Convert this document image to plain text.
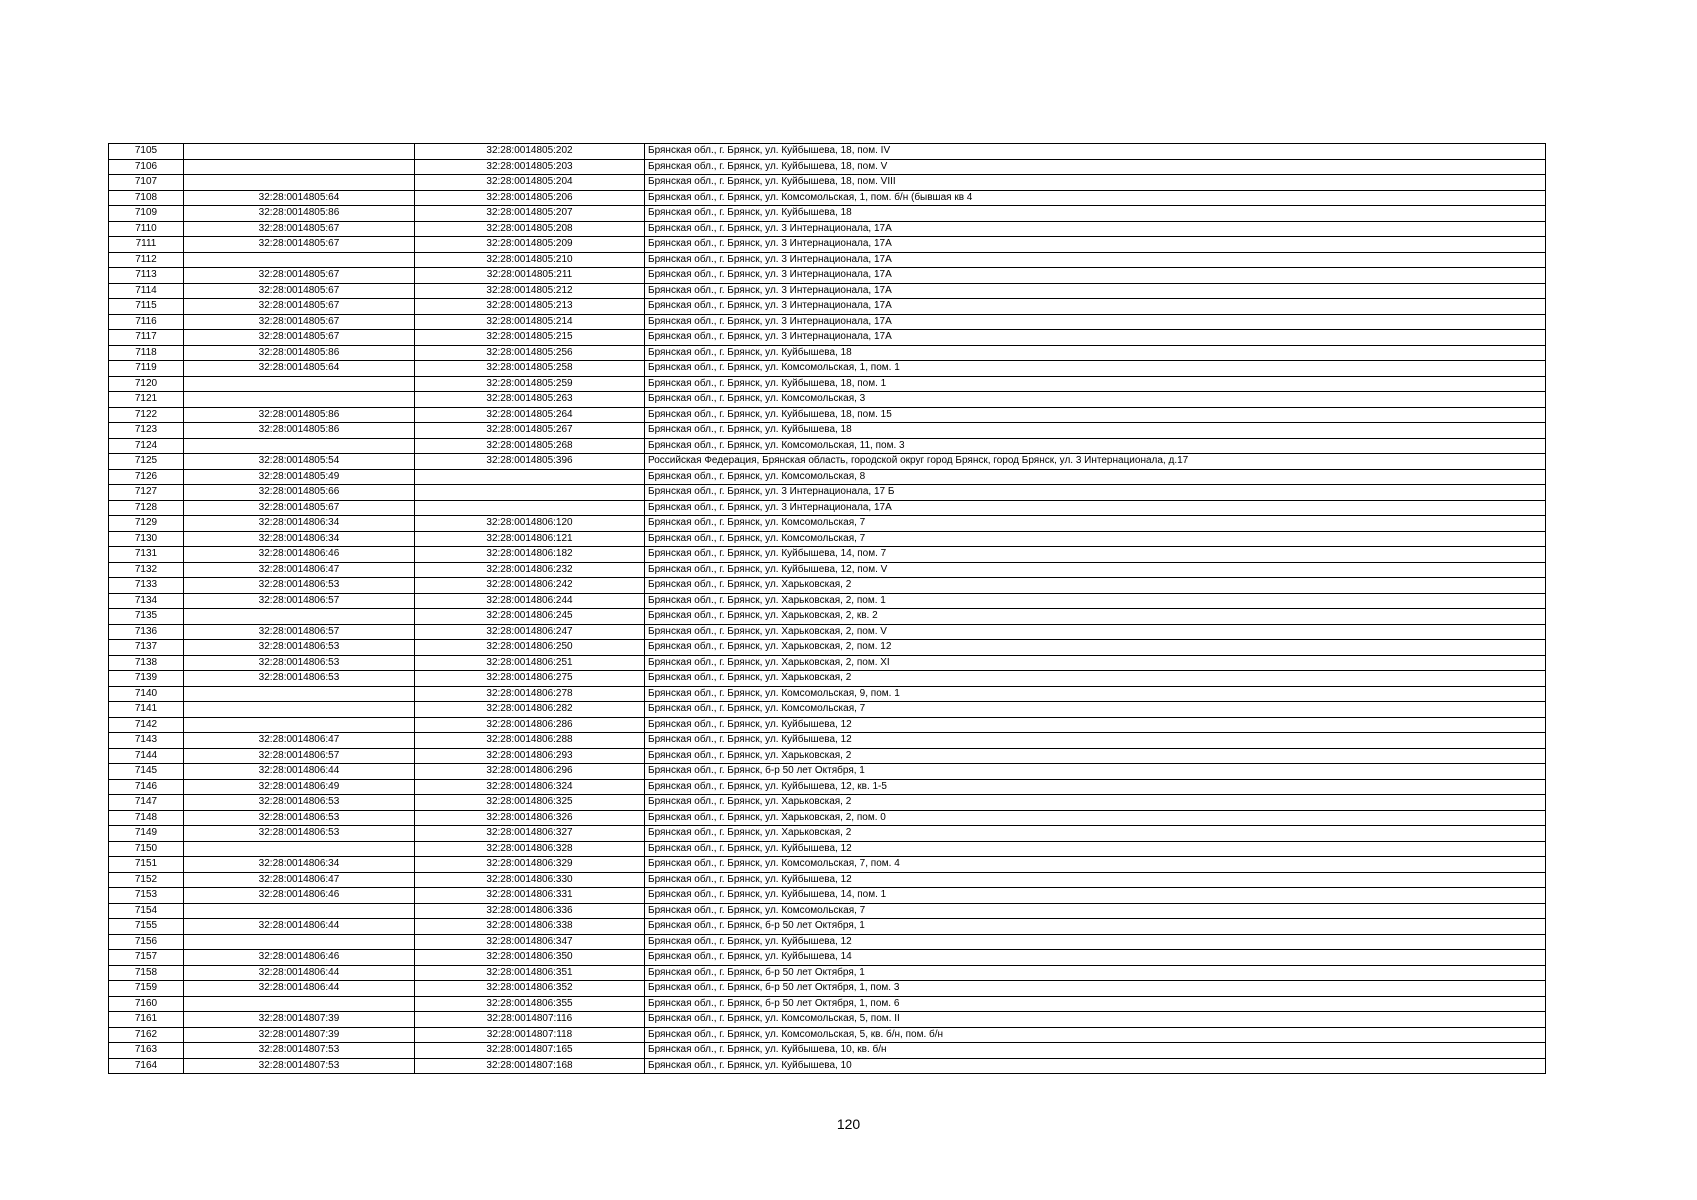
7105		32:28:0014805:202	Брянская обл., г. Брянск, ул. Куйбышева, 18, пом. IV
7106		32:28:0014805:203	Брянская обл., г. Брянск, ул. Куйбышева, 18, пом. V
7107		32:28:0014805:204	Брянская обл., г. Брянск, ул. Куйбышева, 18, пом. VIII
7108	32:28:0014805:64	32:28:0014805:206	Брянская обл., г. Брянск, ул. Комсомольская, 1, пом. б/н (бывшая кв 4
7109	32:28:0014805:86	32:28:0014805:207	Брянская обл., г. Брянск, ул. Куйбышева, 18
7110	32:28:0014805:67	32:28:0014805:208	Брянская обл., г. Брянск, ул. 3 Интернационала, 17А
7111	32:28:0014805:67	32:28:0014805:209	Брянская обл., г. Брянск, ул. 3 Интернационала, 17А
7112		32:28:0014805:210	Брянская обл., г. Брянск, ул. 3 Интернационала, 17А
7113	32:28:0014805:67	32:28:0014805:211	Брянская обл., г. Брянск, ул. 3 Интернационала, 17А
7114	32:28:0014805:67	32:28:0014805:212	Брянская обл., г. Брянск, ул. 3 Интернационала, 17А
7115	32:28:0014805:67	32:28:0014805:213	Брянская обл., г. Брянск, ул. 3 Интернационала, 17А
7116	32:28:0014805:67	32:28:0014805:214	Брянская обл., г. Брянск, ул. 3 Интернационала, 17А
7117	32:28:0014805:67	32:28:0014805:215	Брянская обл., г. Брянск, ул. 3 Интернационала, 17А
7118	32:28:0014805:86	32:28:0014805:256	Брянская обл., г. Брянск, ул. Куйбышева, 18
7119	32:28:0014805:64	32:28:0014805:258	Брянская обл., г. Брянск, ул. Комсомольская, 1, пом. 1
7120		32:28:0014805:259	Брянская обл., г. Брянск, ул. Куйбышева, 18, пом. 1
7121		32:28:0014805:263	Брянская обл., г. Брянск, ул. Комсомольская, 3
7122	32:28:0014805:86	32:28:0014805:264	Брянская обл., г. Брянск, ул. Куйбышева, 18, пом. 15
7123	32:28:0014805:86	32:28:0014805:267	Брянская обл., г. Брянск, ул. Куйбышева, 18
7124		32:28:0014805:268	Брянская обл., г. Брянск, ул. Комсомольская, 11, пом. 3
7125	32:28:0014805:54	32:28:0014805:396	Российская Федерация, Брянская область, городской округ город Брянск, город Брянск, ул. 3 Интернационала, д.17
7126	32:28:0014805:49		Брянская обл., г. Брянск, ул. Комсомольская, 8
7127	32:28:0014805:66		Брянская обл., г. Брянск, ул. 3 Интернационала, 17 Б
7128	32:28:0014805:67		Брянская обл., г. Брянск, ул. 3 Интернационала, 17А
7129	32:28:0014806:34	32:28:0014806:120	Брянская обл., г. Брянск, ул. Комсомольская, 7
7130	32:28:0014806:34	32:28:0014806:121	Брянская обл., г. Брянск, ул. Комсомольская, 7
7131	32:28:0014806:46	32:28:0014806:182	Брянская обл., г. Брянск, ул. Куйбышева, 14, пом. 7
7132	32:28:0014806:47	32:28:0014806:232	Брянская обл., г. Брянск, ул. Куйбышева, 12, пом. V
7133	32:28:0014806:53	32:28:0014806:242	Брянская обл., г. Брянск, ул. Харьковская, 2
7134	32:28:0014806:57	32:28:0014806:244	Брянская обл., г. Брянск, ул. Харьковская, 2, пом. 1
7135		32:28:0014806:245	Брянская обл., г. Брянск, ул. Харьковская, 2, кв. 2
7136	32:28:0014806:57	32:28:0014806:247	Брянская обл., г. Брянск, ул. Харьковская, 2, пом. V
7137	32:28:0014806:53	32:28:0014806:250	Брянская обл., г. Брянск, ул. Харьковская, 2, пом. 12
7138	32:28:0014806:53	32:28:0014806:251	Брянская обл., г. Брянск, ул. Харьковская, 2, пом. XI
7139	32:28:0014806:53	32:28:0014806:275	Брянская обл., г. Брянск, ул. Харьковская, 2
7140		32:28:0014806:278	Брянская обл., г. Брянск, ул. Комсомольская, 9, пом. 1
7141		32:28:0014806:282	Брянская обл., г. Брянск, ул. Комсомольская, 7
7142		32:28:0014806:286	Брянская обл., г. Брянск, ул. Куйбышева, 12
7143	32:28:0014806:47	32:28:0014806:288	Брянская обл., г. Брянск, ул. Куйбышева, 12
7144	32:28:0014806:57	32:28:0014806:293	Брянская обл., г. Брянск, ул. Харьковская, 2
7145	32:28:0014806:44	32:28:0014806:296	Брянская обл., г. Брянск, б-р 50 лет Октября, 1
7146	32:28:0014806:49	32:28:0014806:324	Брянская обл., г. Брянск, ул. Куйбышева, 12, кв. 1-5
7147	32:28:0014806:53	32:28:0014806:325	Брянская обл., г. Брянск, ул. Харьковская, 2
7148	32:28:0014806:53	32:28:0014806:326	Брянская обл., г. Брянск, ул. Харьковская, 2, пом. 0
7149	32:28:0014806:53	32:28:0014806:327	Брянская обл., г. Брянск, ул. Харьковская, 2
7150		32:28:0014806:328	Брянская обл., г. Брянск, ул. Куйбышева, 12
7151	32:28:0014806:34	32:28:0014806:329	Брянская обл., г. Брянск, ул. Комсомольская, 7, пом. 4
7152	32:28:0014806:47	32:28:0014806:330	Брянская обл., г. Брянск, ул. Куйбышева, 12
7153	32:28:0014806:46	32:28:0014806:331	Брянская обл., г. Брянск, ул. Куйбышева, 14, пом. 1
7154		32:28:0014806:336	Брянская обл., г. Брянск, ул. Комсомольская, 7
7155	32:28:0014806:44	32:28:0014806:338	Брянская обл., г. Брянск, б-р 50 лет Октября, 1
7156		32:28:0014806:347	Брянская обл., г. Брянск, ул. Куйбышева, 12
7157	32:28:0014806:46	32:28:0014806:350	Брянская обл., г. Брянск, ул. Куйбышева, 14
7158	32:28:0014806:44	32:28:0014806:351	Брянская обл., г. Брянск, б-р 50 лет Октября, 1
7159	32:28:0014806:44	32:28:0014806:352	Брянская обл., г. Брянск, б-р 50 лет Октября, 1, пом. 3
7160		32:28:0014806:355	Брянская обл., г. Брянск, б-р 50 лет Октября, 1, пом. 6
7161	32:28:0014807:39	32:28:0014807:116	Брянская обл., г. Брянск, ул. Комсомольская, 5, пом. II
7162	32:28:0014807:39	32:28:0014807:118	Брянская обл., г. Брянск, ул. Комсомольская, 5, кв. б/н, пом. б/н
7163	32:28:0014807:53	32:28:0014807:165	Брянская обл., г. Брянск, ул. Куйбышева, 10, кв. б/н
7164	32:28:0014807:53	32:28:0014807:168	Брянская обл., г. Брянск, ул. Куйбышева, 10
120
